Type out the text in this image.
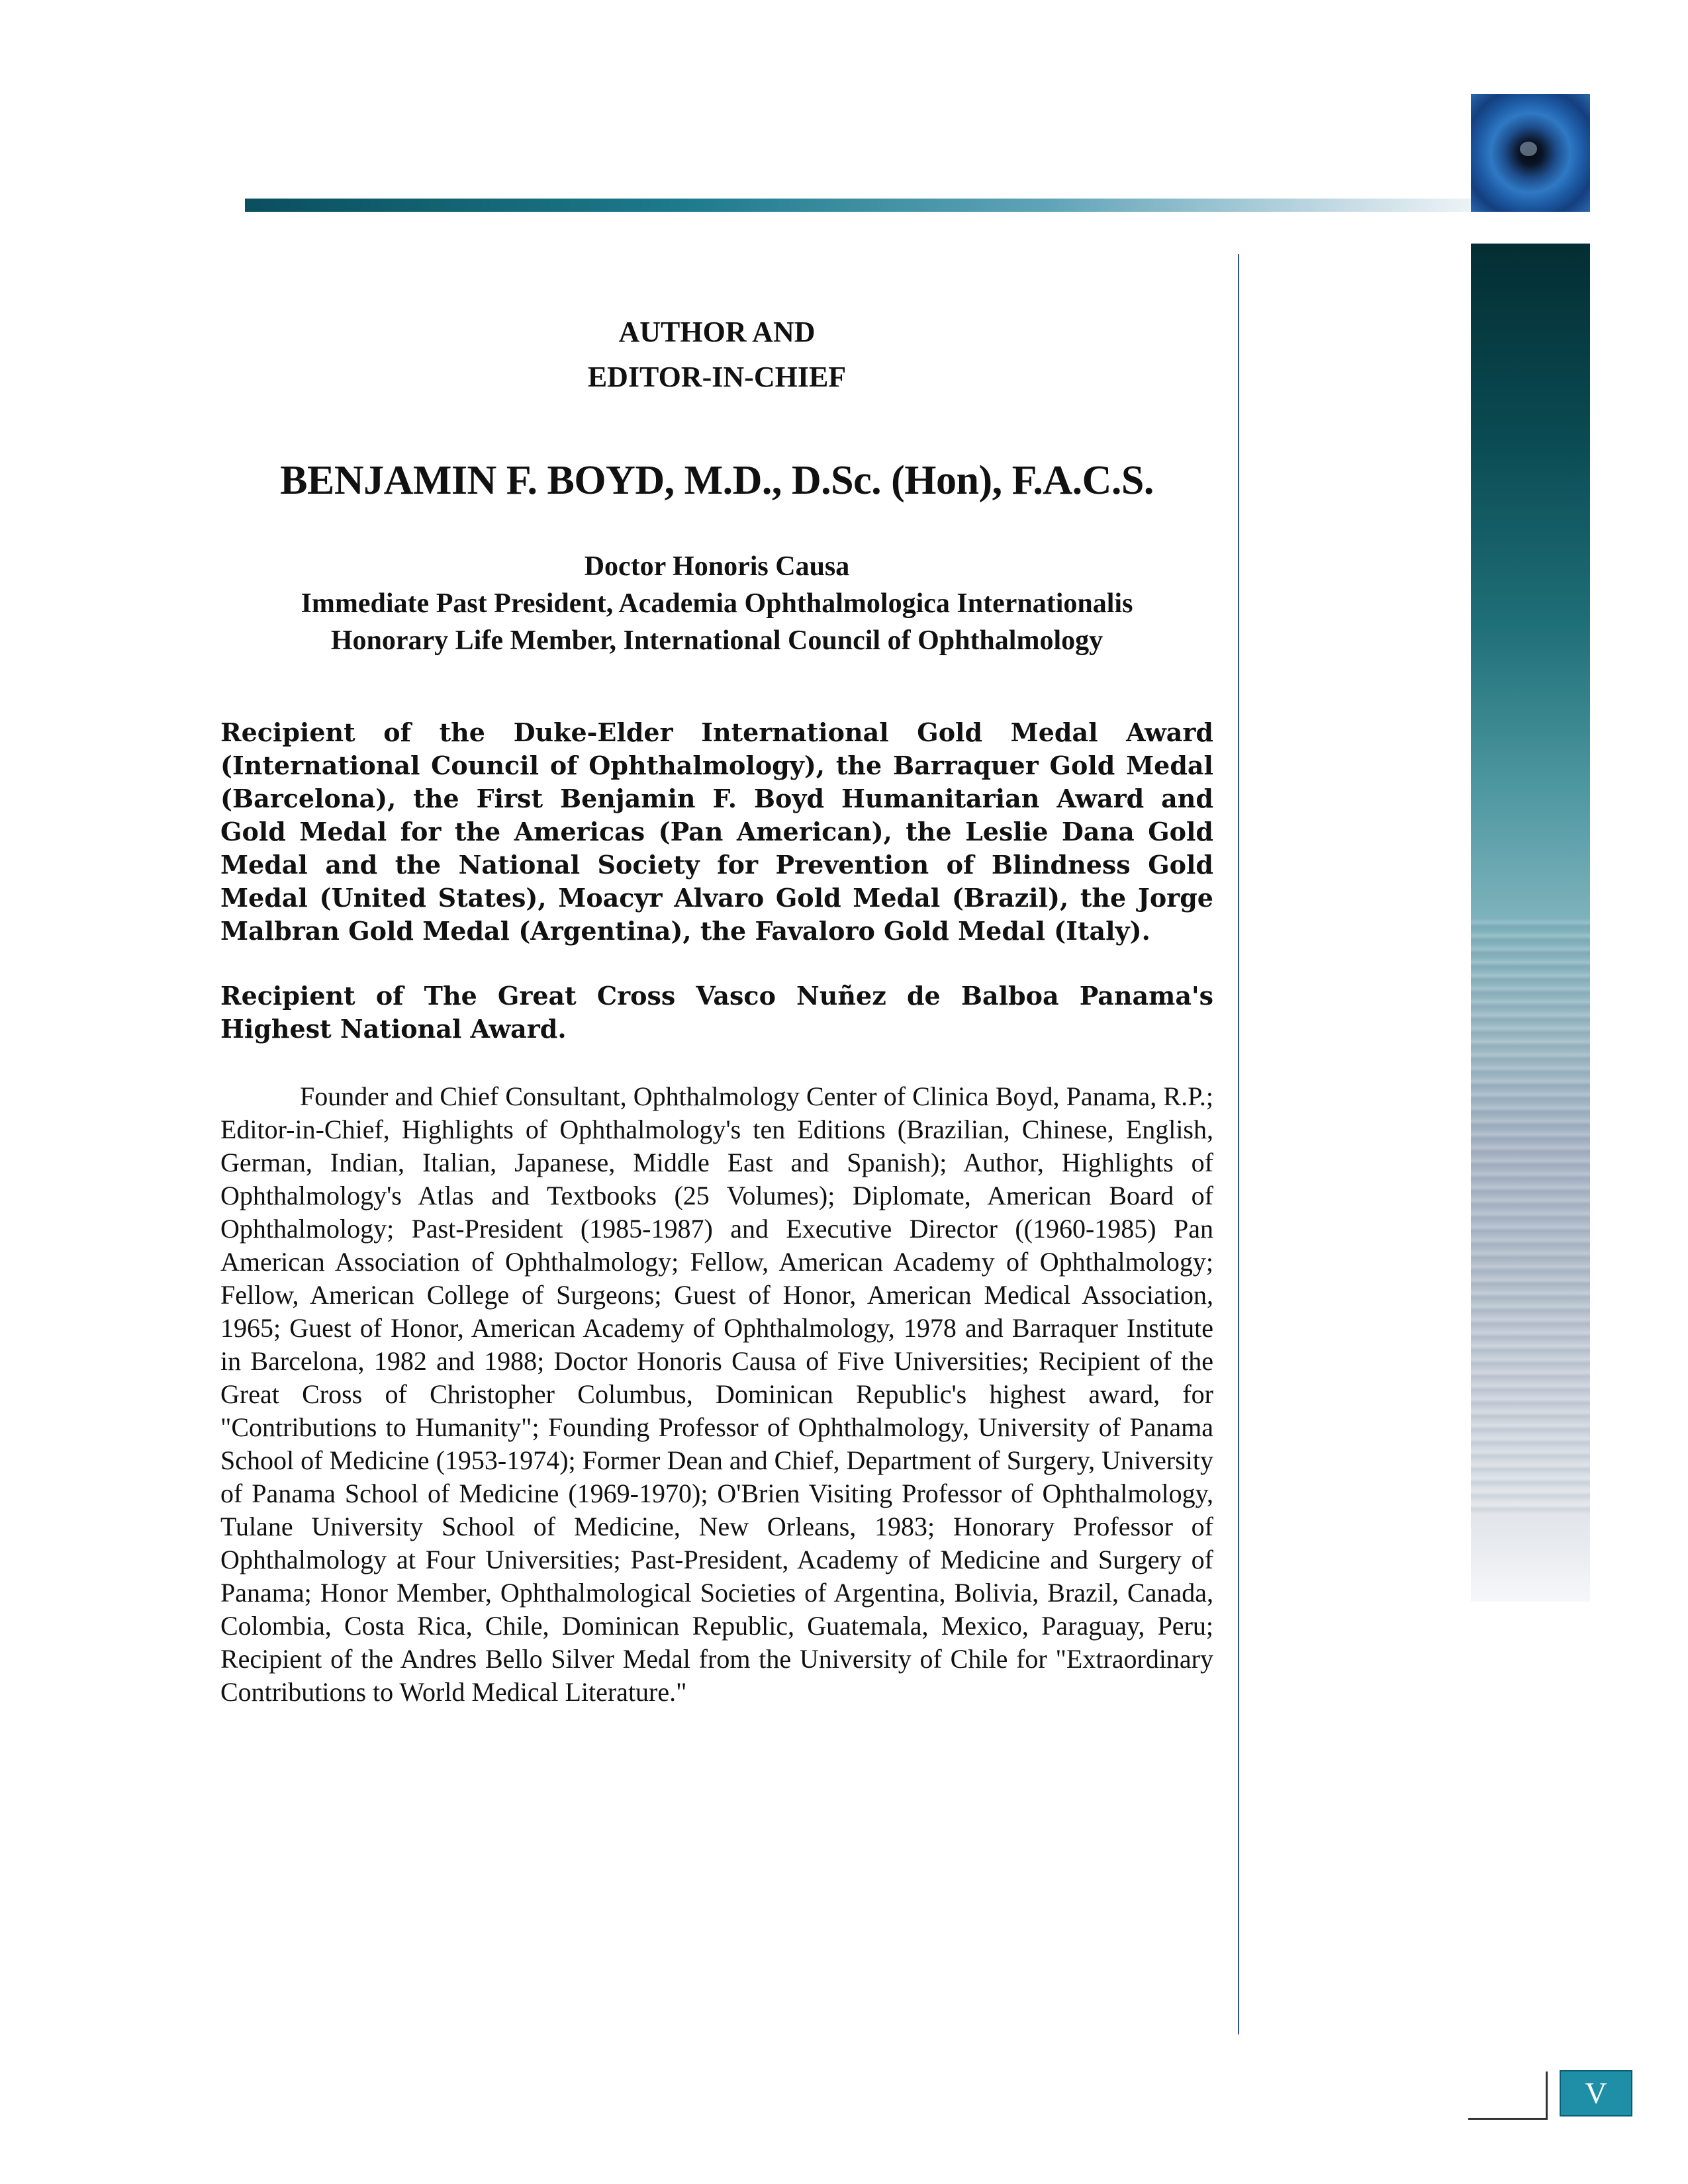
AUTHOR AND

EDITOR-IN-CHIEF

BENJAMIN F. BOYD, M.D., D.Sc. (Hon), F.A.C.S.

Doctor Honoris Causa

Immediate Past President, Academia Ophthalmologica Internationalis

Honorary Life Member, International Council of Ophthalmology

Recipient of the Duke-Elder International Gold Medal Award (International Council of Ophthalmology), the Barraquer Gold Medal (Barcelona), the First Benjamin F. Boyd Humanitarian Award and Gold Medal for the Americas (Pan American), the Leslie Dana Gold Medal and the National Society for Prevention of Blindness Gold Medal (United States), Moacyr Alvaro Gold Medal (Brazil), the Jorge Malbran Gold Medal (Argentina), the Favaloro Gold Medal (Italy).

Recipient of The Great Cross Vasco Nuñez de Balboa Panama's Highest National Award.

Founder and Chief Consultant, Ophthalmology Center of Clinica Boyd, Panama, R.P.; Editor-in-Chief, Highlights of Ophthalmology's ten Editions (Brazilian, Chinese, English, German, Indian, Italian, Japanese, Middle East and Spanish); Author, Highlights of Ophthalmology's Atlas and Textbooks (25 Volumes); Diplomate, American Board of Ophthalmology; Past-President (1985-1987) and Executive Director ((1960-1985) Pan American Association of Ophthalmology; Fellow, American Academy of Ophthalmology; Fellow, American College of Surgeons; Guest of Honor, American Medical Association, 1965; Guest of Honor, American Academy of Ophthalmology, 1978 and Barraquer Institute in Barcelona, 1982 and 1988; Doctor Honoris Causa of Five Universities; Recipient of the Great Cross of Christopher Columbus, Dominican Republic's highest award, for "Contributions to Humanity"; Founding Professor of Ophthalmology, University of Panama School of Medicine (1953-1974); Former Dean and Chief, Department of Surgery, University of Panama School of Medicine (1969-1970); O'Brien Visiting Professor of Ophthalmology, Tulane University School of Medicine, New Orleans, 1983; Honorary Professor of Ophthalmology at Four Universities; Past-President, Academy of Medicine and Surgery of Panama; Honor Member, Ophthalmological Societies of Argentina, Bolivia, Brazil, Canada, Colombia, Costa Rica, Chile, Dominican Republic, Guatemala, Mexico, Paraguay, Peru; Recipient of the Andres Bello Silver Medal from the University of Chile for "Extraordinary Contributions to World Medical Literature."

V
